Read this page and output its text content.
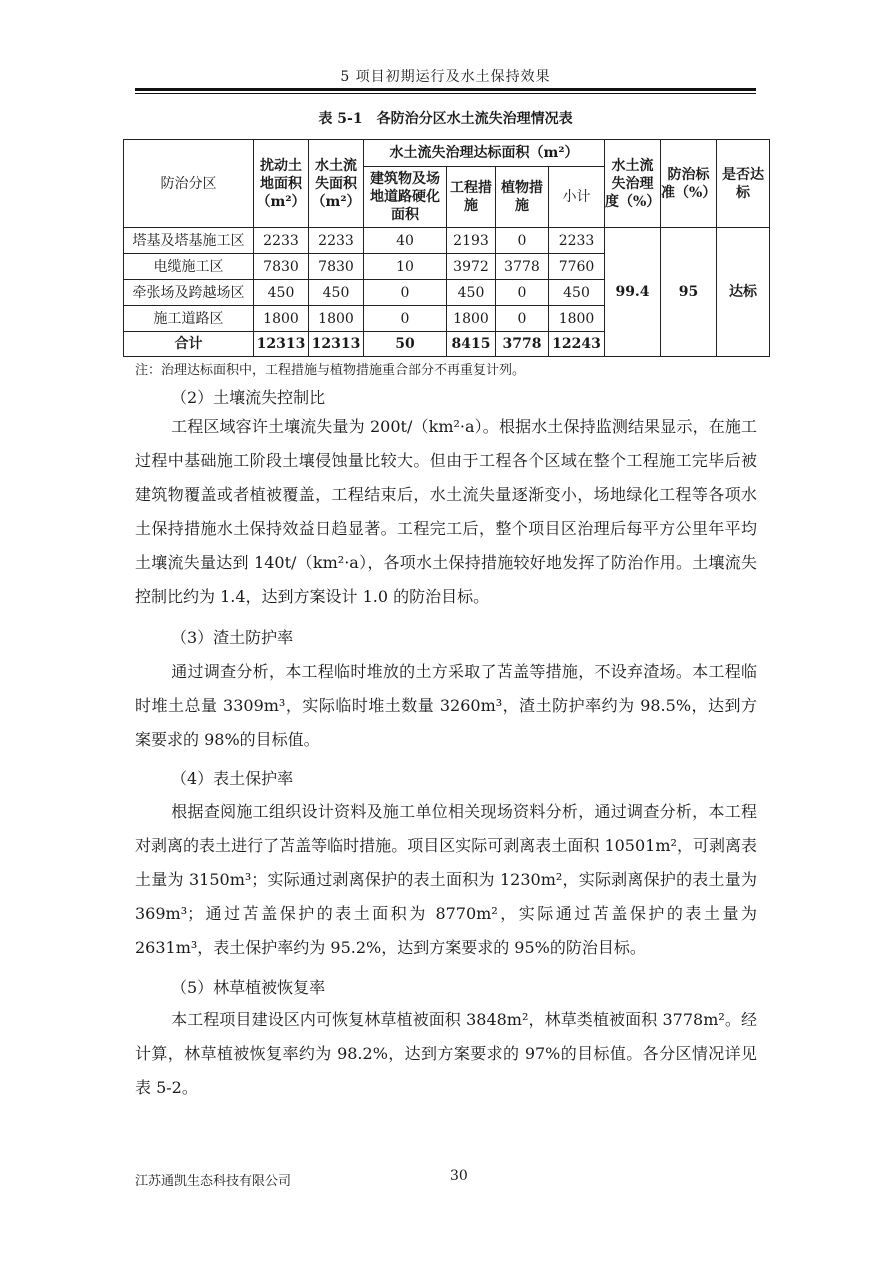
5 项目初期运行及水土保持效果
表 5-1　各防治分区水土流失治理情况表
防治分区	扰动土地面积（m²）	水土流失面积（m²）	水土流失治理达标面积（m²）				水土流失治理度（%）	防治标准（%）	是否达标
			建筑物及场地道路硬化面积	工程措施	植物措施	小计			
塔基及塔基施工区	2233	2233	40	2193	0	2233	99.4	95	达标
电缆施工区	7830	7830	10	3972	3778	7760			
牵张场及跨越场区	450	450	0	450	0	450			
施工道路区	1800	1800	0	1800	0	1800			
合计	12313	12313	50	8415	3778	12243			
注：治理达标面积中，工程措施与植物措施重合部分不再重复计列。
（2）土壤流失控制比
工程区域容许土壤流失量为 200t/（km²·a）。根据水土保持监测结果显示，在施工过程中基础施工阶段土壤侵蚀量比较大。但由于工程各个区域在整个工程施工完毕后被建筑物覆盖或者植被覆盖，工程结束后，水土流失量逐渐变小，场地绿化工程等各项水土保持措施水土保持效益日趋显著。工程完工后，整个项目区治理后每平方公里年平均土壤流失量达到 140t/（km²·a），各项水土保持措施较好地发挥了防治作用。土壤流失控制比约为 1.4，达到方案设计 1.0 的防治目标。
（3）渣土防护率
通过调查分析，本工程临时堆放的土方采取了苫盖等措施，不设弃渣场。本工程临时堆土总量 3309m³，实际临时堆土数量 3260m³，渣土防护率约为 98.5%，达到方案要求的 98%的目标值。
（4）表土保护率
根据查阅施工组织设计资料及施工单位相关现场资料分析，通过调查分析，本工程对剥离的表土进行了苫盖等临时措施。项目区实际可剥离表土面积 10501m²，可剥离表土量为 3150m³；实际通过剥离保护的表土面积为 1230m²，实际剥离保护的表土量为 369m³；通过苫盖保护的表土面积为 8770m²，实际通过苫盖保护的表土量为 2631m³，表土保护率约为 95.2%，达到方案要求的 95%的防治目标。
（5）林草植被恢复率
本工程项目建设区内可恢复林草植被面积 3848m²，林草类植被面积 3778m²。经计算，林草植被恢复率约为 98.2%，达到方案要求的 97%的目标值。各分区情况详见表 5-2。
江苏通凯生态科技有限公司	30
